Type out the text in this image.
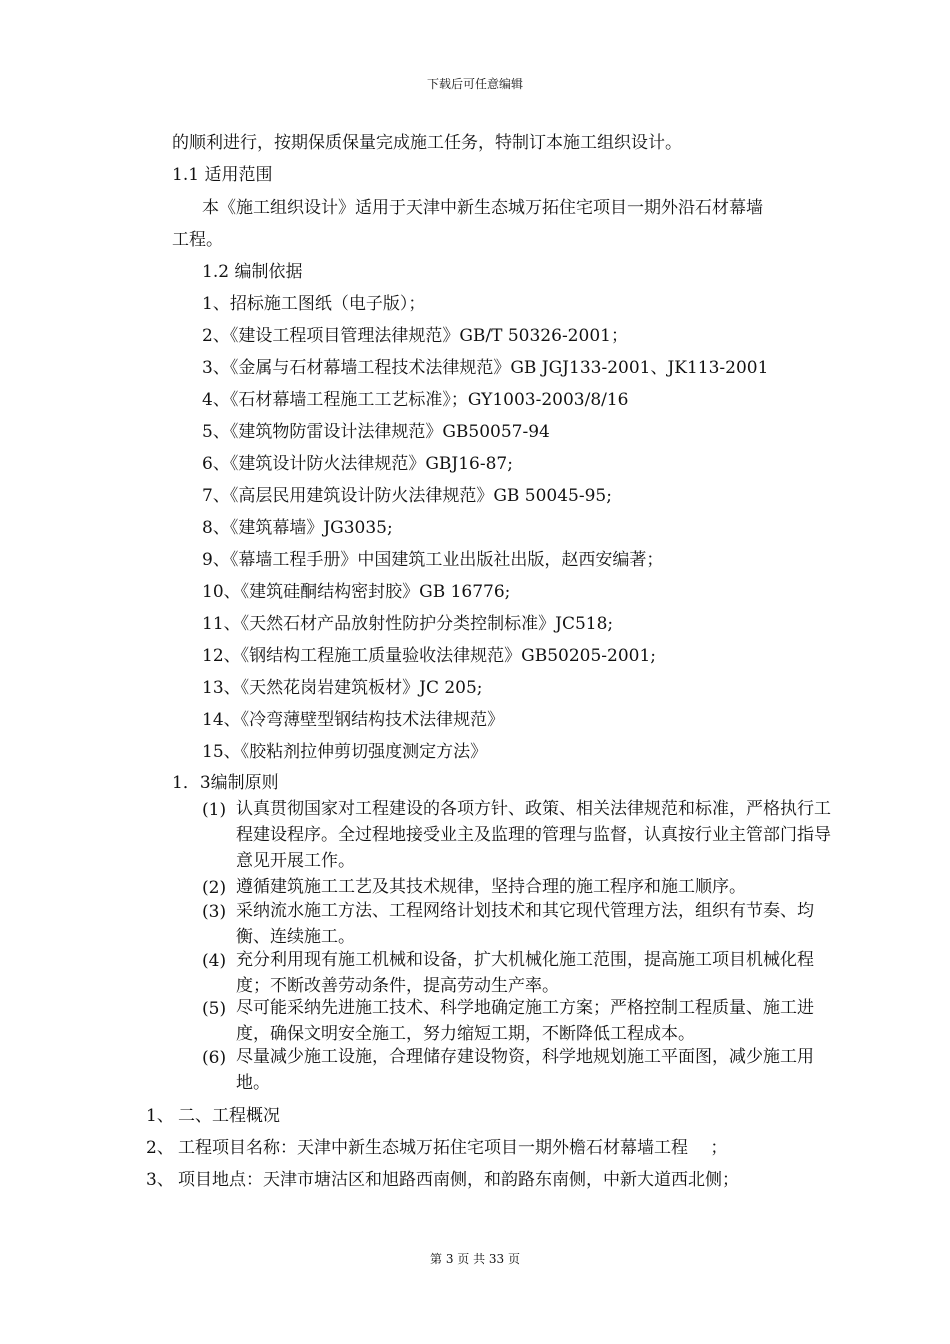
下载后可任意编辑
的顺利进行，按期保质保量完成施工任务，特制订本施工组织设计。
1.1 适用范围
本《施工组织设计》适用于天津中新生态城万拓住宅项目一期外沿石材幕墙
工程。
1.2 编制依据
1、招标施工图纸（电子版）；
2、《建设工程项目管理法律规范》GB/T 50326-2001；
3、《金属与石材幕墙工程技术法律规范》GB JGJ133-2001、JK113-2001
4、《石材幕墙工程施工工艺标准》；GY1003-2003/8/16
5、《建筑物防雷设计法律规范》GB50057-94
6、《建筑设计防火法律规范》GBJ16-87;
7、《高层民用建筑设计防火法律规范》GB 50045-95;
8、《建筑幕墙》JG3035;
9、《幕墙工程手册》中国建筑工业出版社出版，赵西安编著；
10、《建筑硅酮结构密封胶》GB 16776;
11、《天然石材产品放射性防护分类控制标准》JC518;
12、《钢结构工程施工质量验收法律规范》GB50205-2001;
13、《天然花岗岩建筑板材》JC 205;
14、《冷弯薄壁型钢结构技术法律规范》
15、《胶粘剂拉伸剪切强度测定方法》
1．3编制原则
(1) 认真贯彻国家对工程建设的各项方针、政策、相关法律规范和标准，严格执行工程建设程序。全过程地接受业主及监理的管理与监督，认真按行业主管部门指导意见开展工作。
(2) 遵循建筑施工工艺及其技术规律，坚持合理的施工程序和施工顺序。
(3) 采纳流水施工方法、工程网络计划技术和其它现代管理方法，组织有节奏、均衡、连续施工。
(4) 充分利用现有施工机械和设备，扩大机械化施工范围，提高施工项目机械化程度；不断改善劳动条件，提高劳动生产率。
(5) 尽可能采纳先进施工技术、科学地确定施工方案；严格控制工程质量、施工进度，确保文明安全施工，努力缩短工期，不断降低工程成本。
(6) 尽量减少施工设施，合理储存建设物资，科学地规划施工平面图，减少施工用地。
1、 二、工程概况
2、 工程项目名称：天津中新生态城万拓住宅项目一期外檐石材幕墙工程　 ；
3、 项目地点：天津市塘沽区和旭路西南侧，和韵路东南侧，中新大道西北侧；
第 3 页 共 33 页
